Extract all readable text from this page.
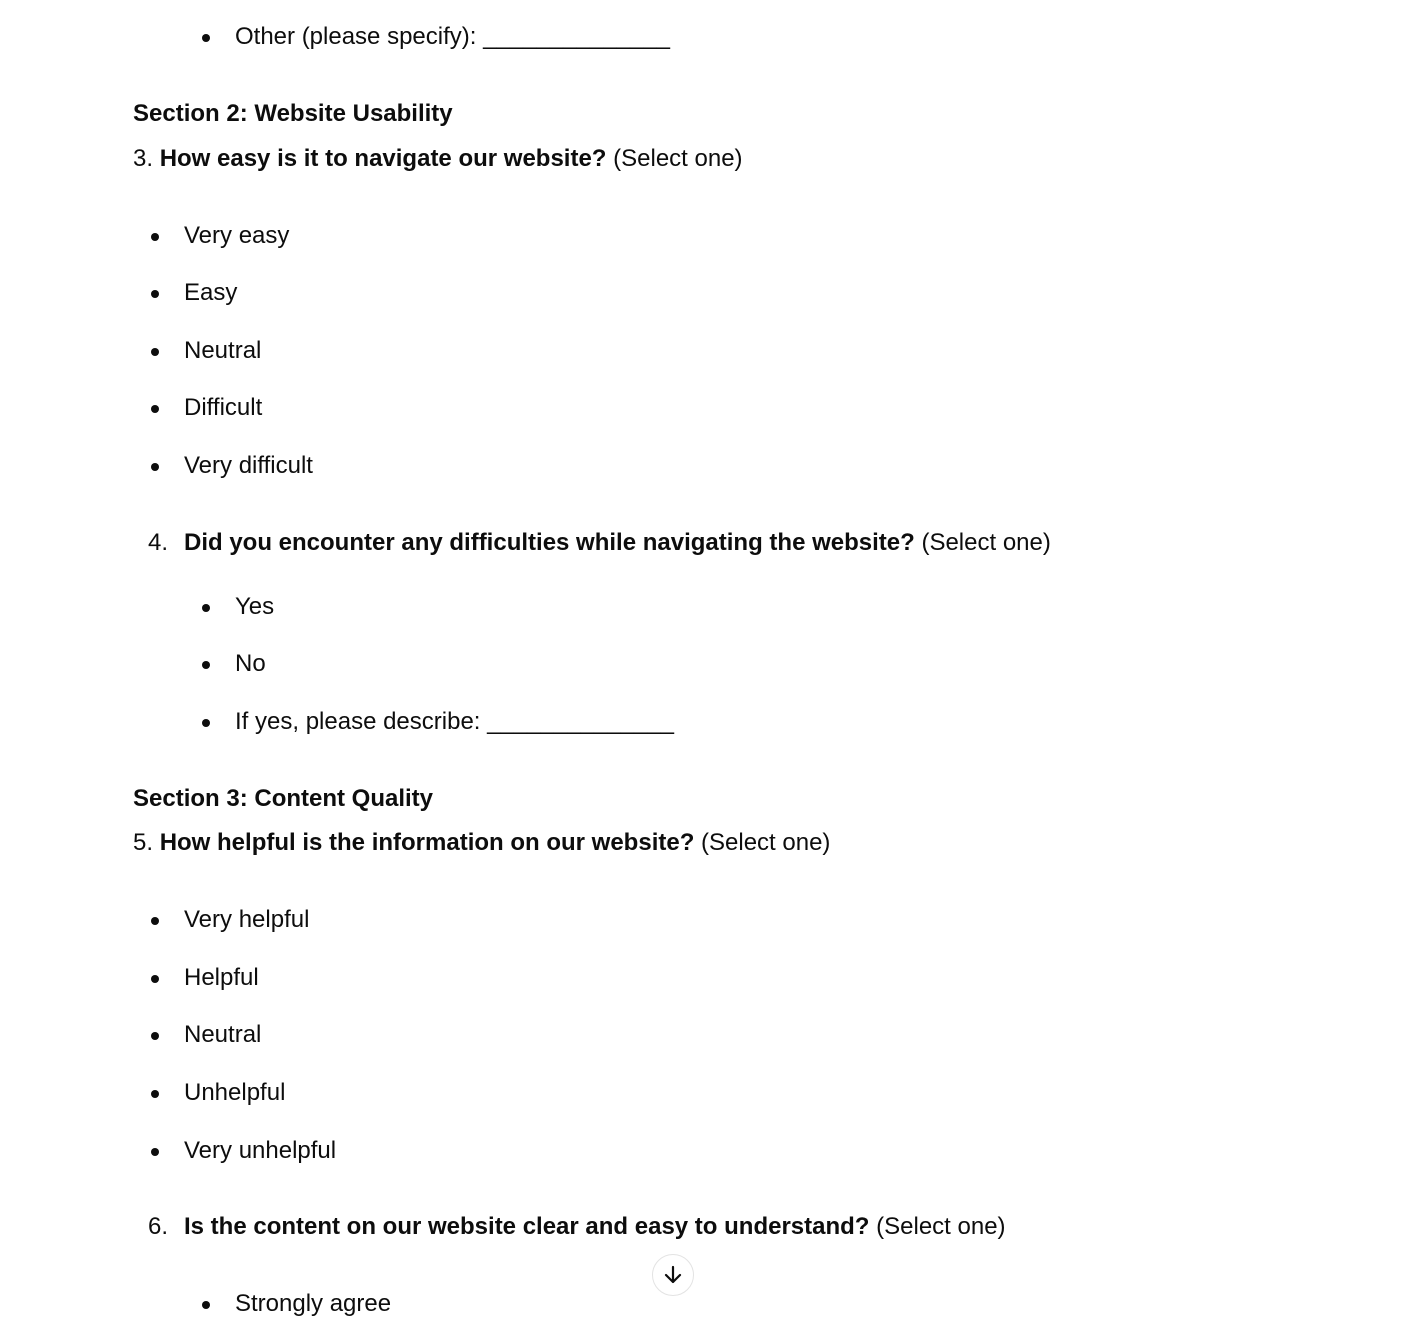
Other (please specify): ______________
Section 2: Website Usability
3. How easy is it to navigate our website? (Select one)
Very easy
Easy
Neutral
Difficult
Very difficult
4. Did you encounter any difficulties while navigating the website? (Select one)
Yes
No
If yes, please describe: ______________
Section 3: Content Quality
5. How helpful is the information on our website? (Select one)
Very helpful
Helpful
Neutral
Unhelpful
Very unhelpful
6. Is the content on our website clear and easy to understand? (Select one)
Strongly agree
